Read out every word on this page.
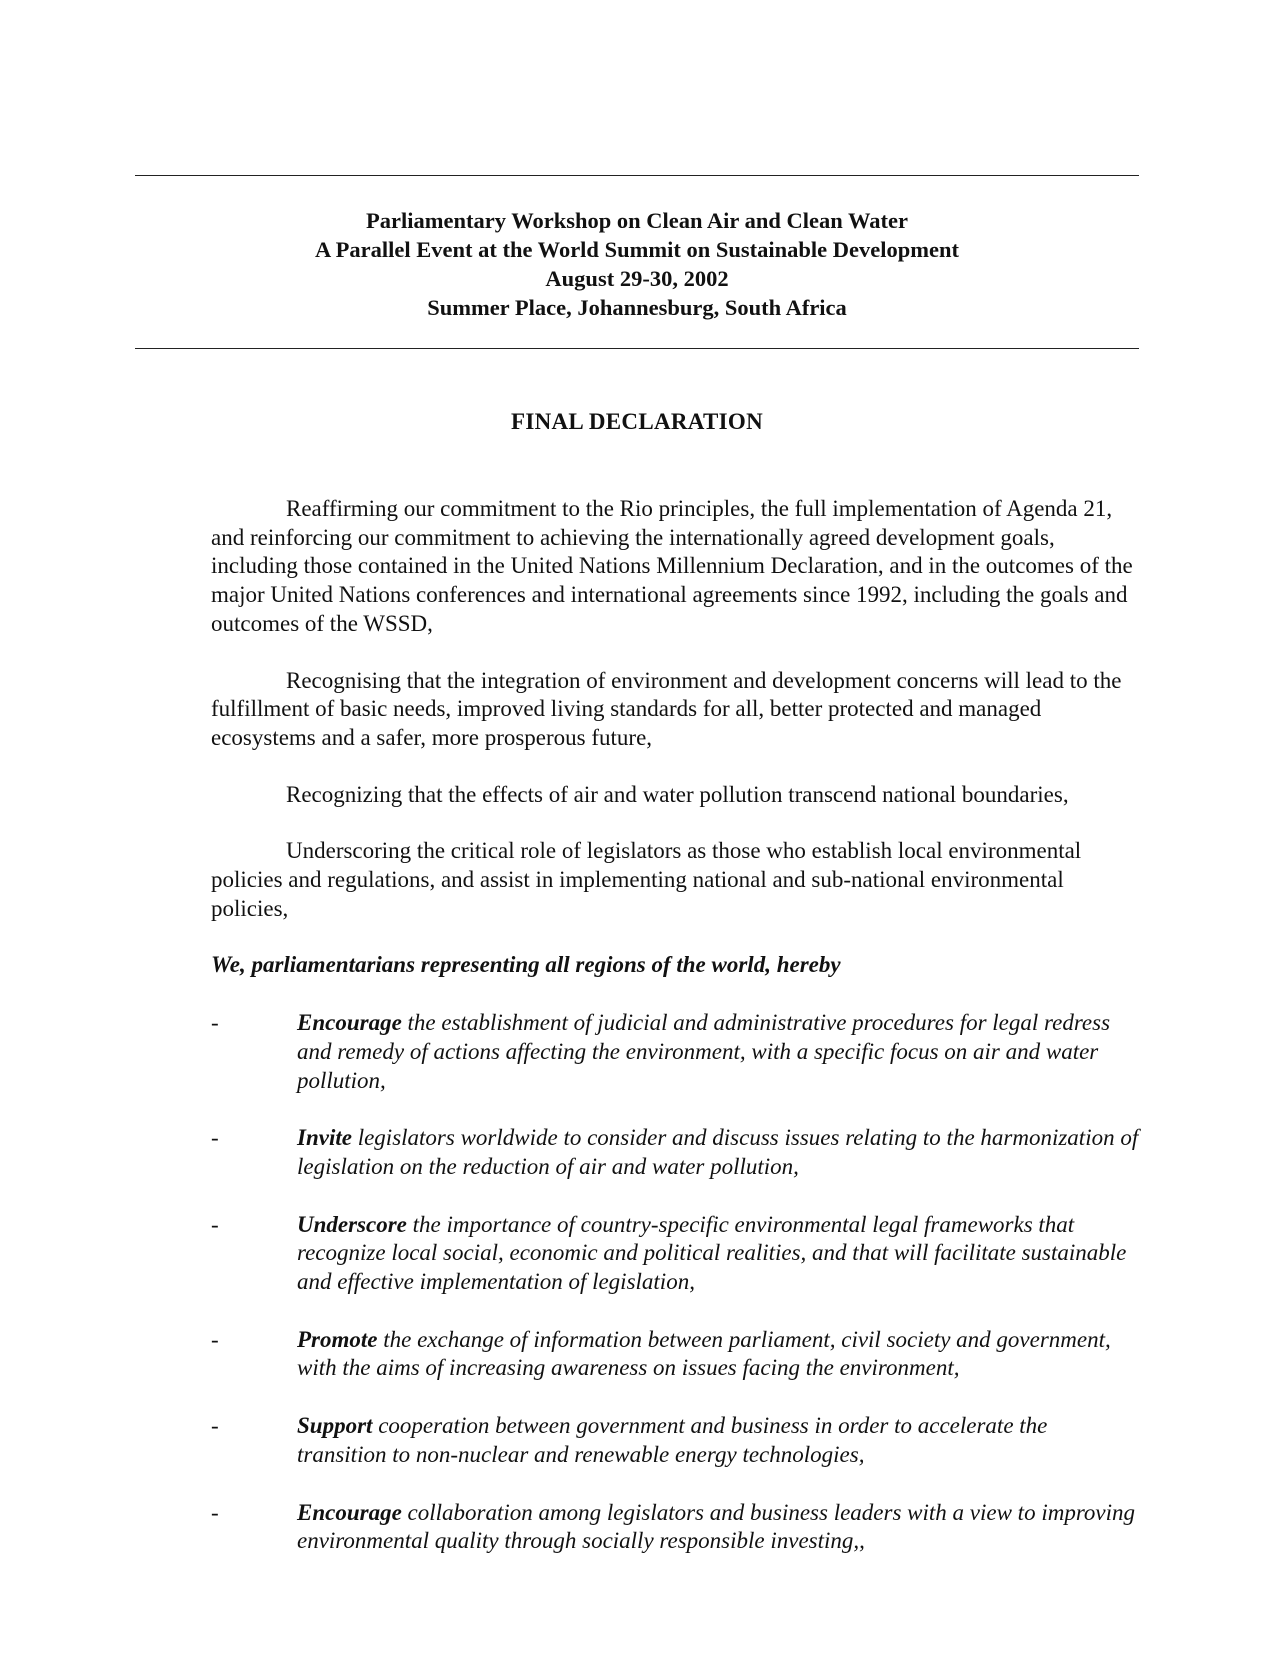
Parliamentary Workshop on Clean Air and Clean Water
A Parallel Event at the World Summit on Sustainable Development
August 29-30, 2002
Summer Place, Johannesburg, South Africa
FINAL DECLARATION

Reaffirming our commitment to the Rio principles, the full implementation of Agenda 21, and reinforcing our commitment to achieving the internationally agreed development goals, including those contained in the United Nations Millennium Declaration, and in the outcomes of the major United Nations conferences and international agreements since 1992, including the goals and outcomes of the WSSD,

Recognising that the integration of environment and development concerns will lead to the fulfillment of basic needs, improved living standards for all, better protected and managed ecosystems and a safer, more prosperous future,

Recognizing that the effects of air and water pollution transcend national boundaries,

Underscoring the critical role of legislators as those who establish local environmental policies and regulations, and assist in implementing national and sub-national environmental policies,

We, parliamentarians representing all regions of the world, hereby

-	Encourage the establishment of judicial and administrative procedures for legal redress and remedy of actions affecting the environment, with a specific focus on air and water pollution,
-	Invite legislators worldwide to consider and discuss issues relating to the harmonization of legislation on the reduction of air and water pollution,
-	Underscore the importance of country-specific environmental legal frameworks that recognize local social, economic and political realities, and that will facilitate sustainable and effective implementation of legislation,
-	Promote the exchange of information between parliament, civil society and government, with the aims of increasing awareness on issues facing the environment,
-	Support cooperation between government and business in order to accelerate the transition to non-nuclear and renewable energy technologies,
-	Encourage collaboration among legislators and business leaders with a view to improving environmental quality through socially responsible investing,,
